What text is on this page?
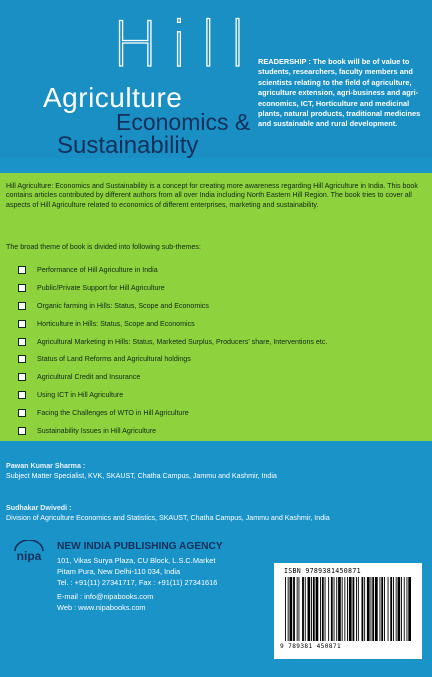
Hill
Agriculture
Economics &
Sustainability
READERSHIP : The book will be of value to students, researchers, faculty members and scientists relating to the field of agriculture, agriculture extension, agri-business and agri-economics, ICT, Horticulture and medicinal plants, natural products, traditional medicines and sustainable and rural development.
Hill Agriculture: Economics and Sustainability is a concept for creating more awareness regarding Hill Agriculture in India. This book contains articles contributed by different authors from all over India including North Eastern Hill Region. The book tries to cover all aspects of Hill Agriculture related to economics of different enterprises, marketing and sustainability.
The broad theme of book is divided into following sub-themes:
Performance of Hill Agriculture in India
Public/Private Support for Hill Agriculture
Organic farming in Hills: Status, Scope and Economics
Horticulture in Hills: Status, Scope and Economics
Agricultural Marketing in Hills: Status, Marketed Surplus, Producers' share, Interventions etc.
Status of Land Reforms and Agricultural holdings
Agricultural Credit and Insurance
Using ICT in Hill Agriculture
Facing the Challenges of WTO in Hill Agriculture
Sustainability Issues in Hill Agriculture
Pawan Kumar Sharma :
Subject Matter Specialist, KVK, SKAUST, Chatha Campus, Jammu and Kashmir, India
Sudhakar Dwivedi :
Division of Agriculture Economics and Statistics, SKAUST, Chatha Campus, Jammu and Kashmir, India
nipa
NEW INDIA PUBLISHING AGENCY
101, Vikas Surya Plaza, CU Block, L.S.C.Market
Pitam Pura, New Delhi-110 034, India
Tel. : +91(11) 27341717, Fax : +91(11) 27341616
E-mail : info@nipabooks.com
Web : www.nipabooks.com
ISBN 9789381450871
9 789381 450871
